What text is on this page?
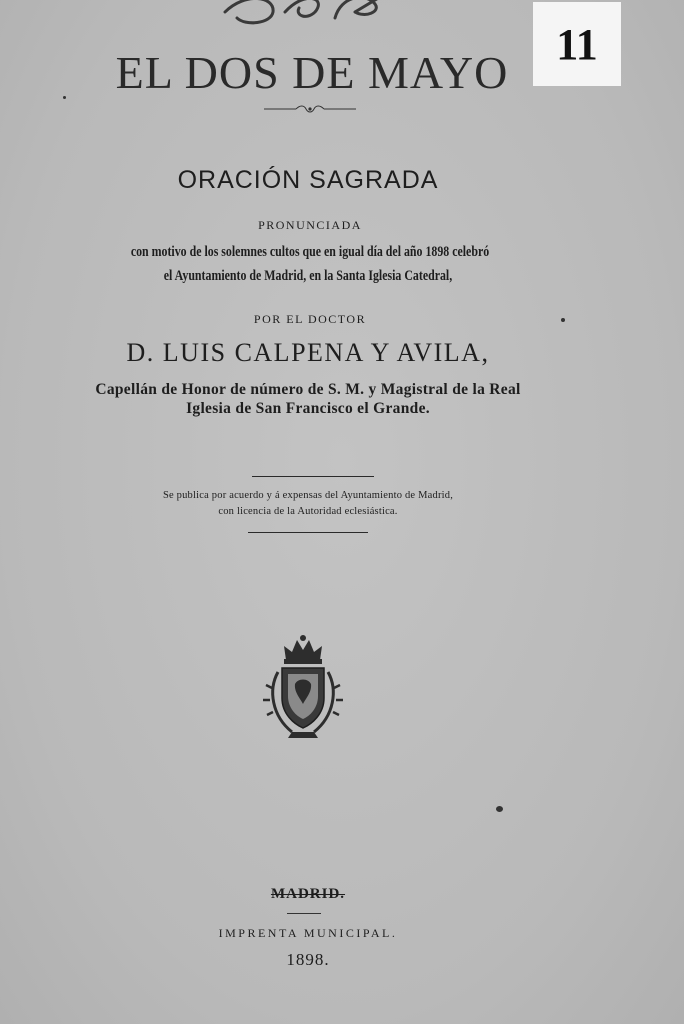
11
EL DOS DE MAYO
ORACIÓN SAGRADA
PRONUNCIADA
con motivo de los solemnes cultos que en igual día del año 1898 celebró
el Ayuntamiento de Madrid, en la Santa Iglesia Catedral,
POR EL DOCTOR
D. LUIS CALPENA Y AVILA,
Capellán de Honor de número de S. M. y Magistral de la Real
Iglesia de San Francisco el Grande.
Se publica por acuerdo y á expensas del Ayuntamiento de Madrid,
con licencia de la Autoridad eclesiástica.
MADRID.
IMPRENTA MUNICIPAL.
1898.
